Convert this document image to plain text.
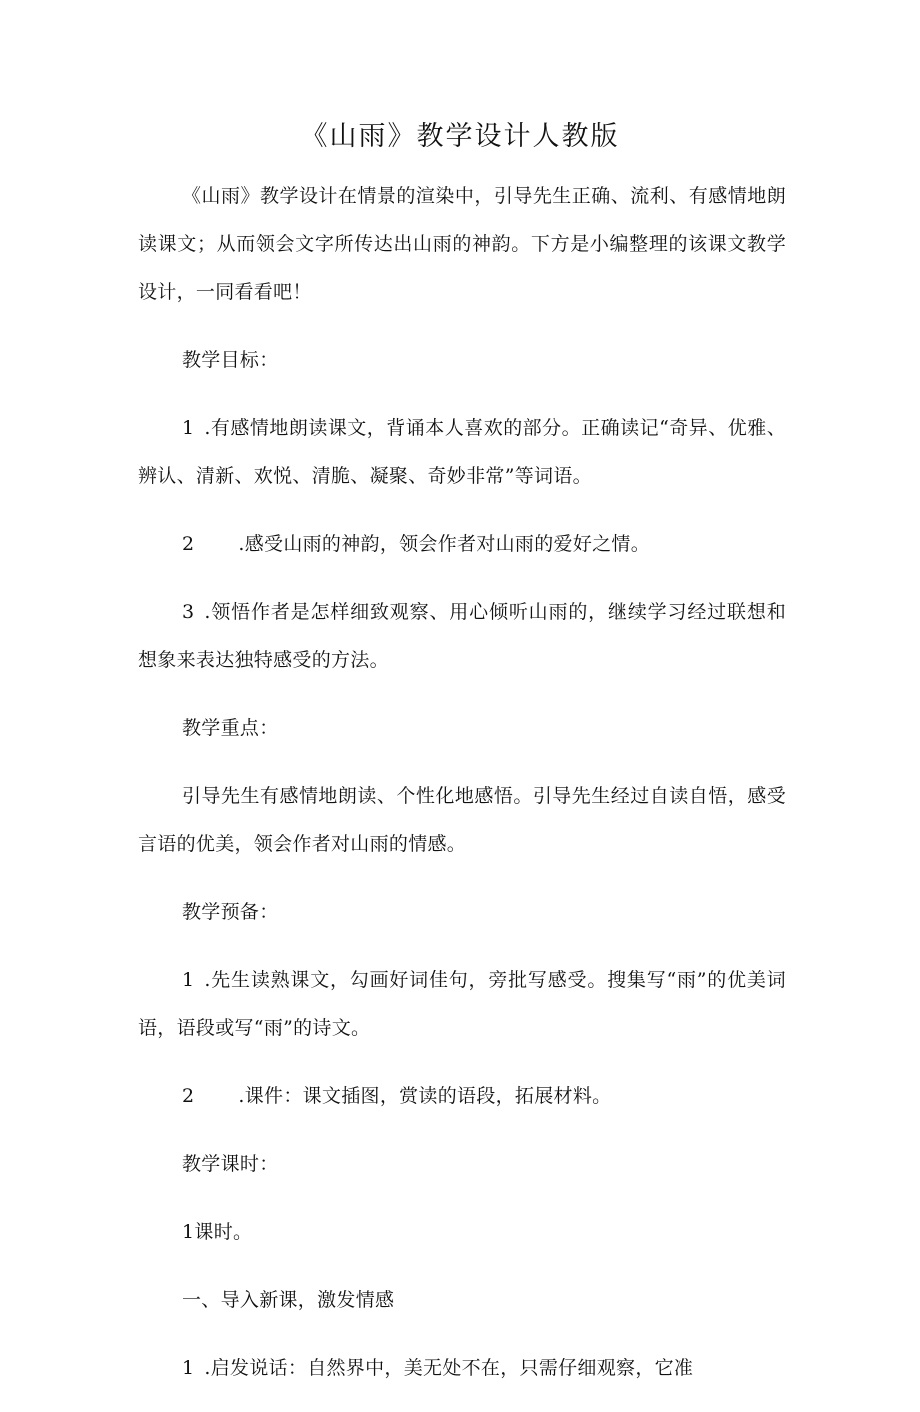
《山雨》教学设计人教版

《山雨》教学设计在情景的渲染中，引导先生正确、流利、有感情地朗读课文；从而领会文字所传达出山雨的神韵。下方是小编整理的该课文教学设计，一同看看吧！

教学目标：

1 .有感情地朗读课文，背诵本人喜欢的部分。正确读记“奇异、优雅、辨认、清新、欢悦、清脆、凝聚、奇妙非常”等词语。

2 .感受山雨的神韵，领会作者对山雨的爱好之情。

3 .领悟作者是怎样细致观察、用心倾听山雨的，继续学习经过联想和想象来表达独特感受的方法。

教学重点：

引导先生有感情地朗读、个性化地感悟。引导先生经过自读自悟，感受言语的优美，领会作者对山雨的情感。

教学预备：

1 .先生读熟课文，勾画好词佳句，旁批写感受。搜集写“雨”的优美词语，语段或写“雨”的诗文。

2 .课件：课文插图，赏读的语段，拓展材料。

教学课时：

1课时。

一、导入新课，激发情感

1 .启发说话：自然界中，美无处不在，只需仔细观察，它准
